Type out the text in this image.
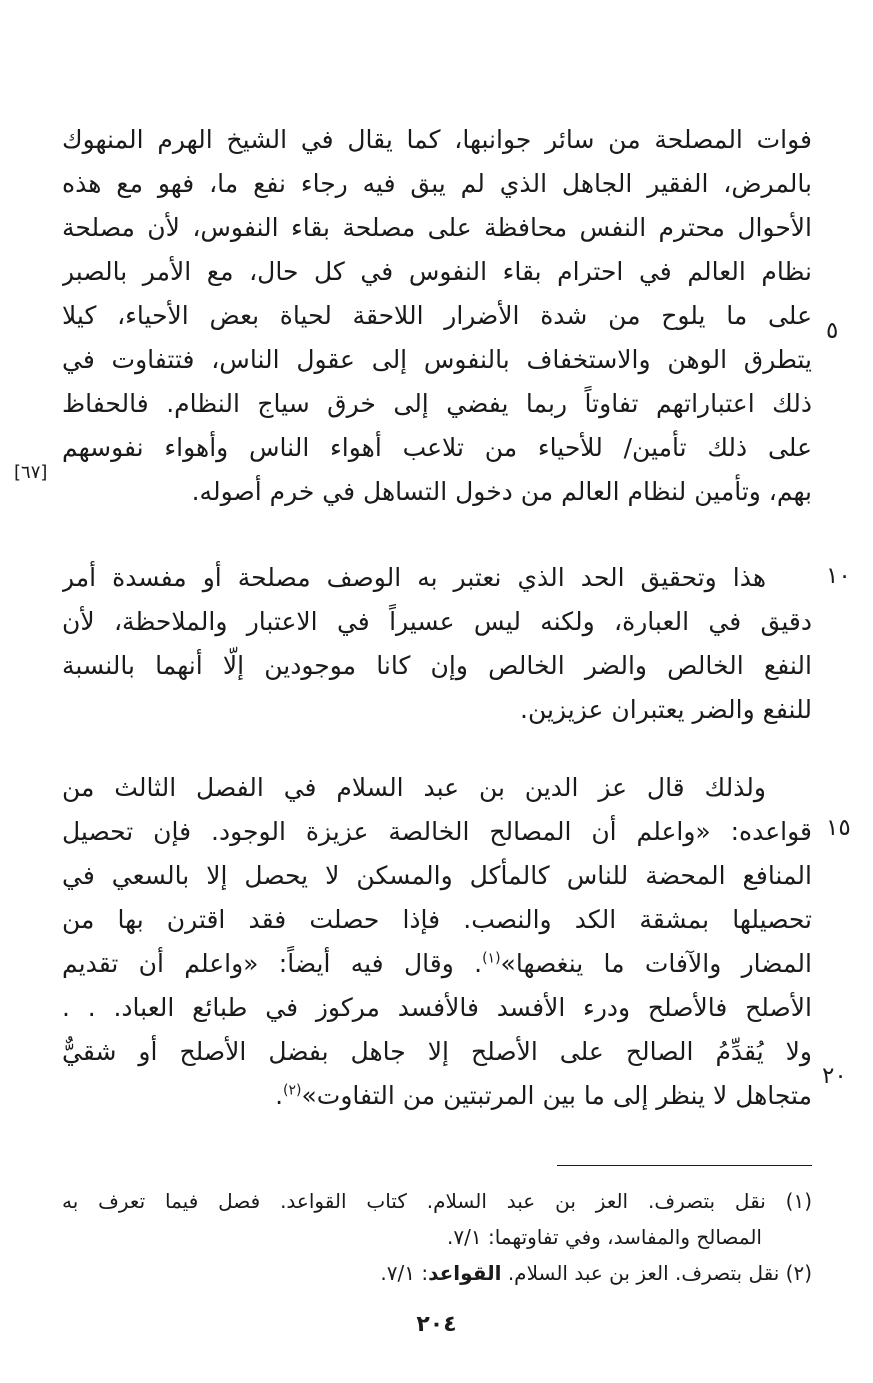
فوات المصلحة من سائر جوانبها، كما يقال في الشيخ الهرم المنهوك
بالمرض، الفقير الجاهل الذي لم يبق فيه رجاء نفع ما، فهو مع هذه
الأحوال محترم النفس محافظة على مصلحة بقاء النفوس، لأن مصلحة
نظام العالم في احترام بقاء النفوس في كل حال، مع الأمر بالصبر
على ما يلوح من شدة الأضرار اللاحقة لحياة بعض الأحياء، كيلا
يتطرق الوهن والاستخفاف بالنفوس إلى عقول الناس، فتتفاوت في
ذلك اعتباراتهم تفاوتاً ربما يفضي إلى خرق سياج النظام. فالحفاظ
على ذلك تأمين/ للأحياء من تلاعب أهواء الناس وأهواء نفوسهم
بهم، وتأمين لنظام العالم من دخول التساهل في خرم أصوله.
هذا وتحقيق الحد الذي نعتبر به الوصف مصلحة أو مفسدة أمر
دقيق في العبارة، ولكنه ليس عسيراً في الاعتبار والملاحظة، لأن
النفع الخالص والضر الخالص وإن كانا موجودين إلّا أنهما بالنسبة
للنفع والضر يعتبران عزيزين.
ولذلك قال عز الدين بن عبد السلام في الفصل الثالث من
قواعده: «واعلم أن المصالح الخالصة عزيزة الوجود. فإن تحصيل
المنافع المحضة للناس كالمأكل والمسكن لا يحصل إلا بالسعي في
تحصيلها بمشقة الكد والنصب. فإذا حصلت فقد اقترن بها من
المضار والآفات ما ينغصها»$^{(١)}$. وقال فيه أيضاً: «واعلم أن تقديم
الأصلح فالأصلح ودرء الأفسد فالأفسد مركوز في طبائع العباد. . .
ولا يُقدِّمُ الصالح على الأصلح إلا جاهل بفضل الأصلح أو شقيٌّ
متجاهل لا ينظر إلى ما بين المرتبتين من التفاوت»$^{(٢)}$.
٥
١٠
١٥
٢٠
[٦٧]
(١) نقل بتصرف. العز بن عبد السلام. كتاب القواعد. فصل فيما تعرف به
المصالح والمفاسد، وفي تفاوتهما: ٧/١.
(٢) نقل بتصرف. العز بن عبد السلام. القواعد: ٧/١.
٢٠٤
